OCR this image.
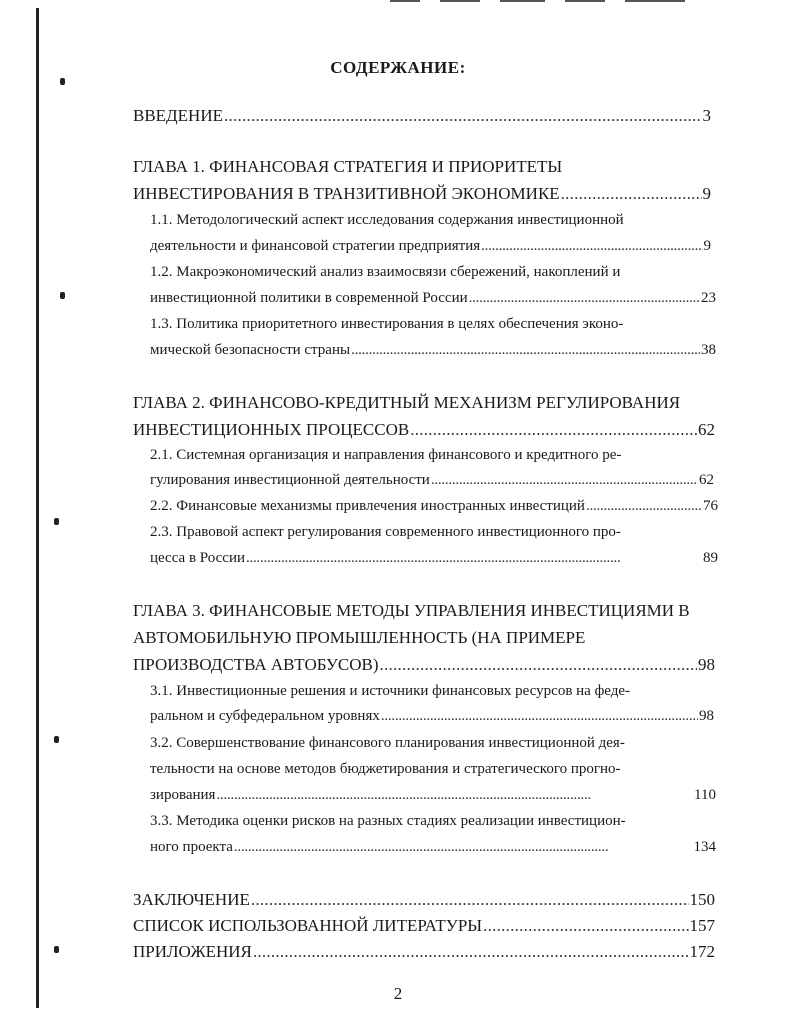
СОДЕРЖАНИЕ:
ВВЕДЕНИЕ . . .	3
ГЛАВА 1. ФИНАНСОВАЯ СТРАТЕГИЯ И ПРИОРИТЕТЫ
ИНВЕСТИРОВАНИЯ В ТРАНЗИТИВНОЙ ЭКОНОМИКЕ . . .	9
1.1. Методологический аспект исследования содержания инвестиционной
деятельности и финансовой стратегии предприятия . . .	9
1.2. Макроэкономический анализ взаимосвязи сбережений, накоплений и
инвестиционной политики в современной России . . .	23
1.3. Политика приоритетного инвестирования в целях обеспечения эконо-
мической безопасности страны . . .	38
ГЛАВА 2. ФИНАНСОВО-КРЕДИТНЫЙ МЕХАНИЗМ РЕГУЛИРОВАНИЯ
ИНВЕСТИЦИОННЫХ ПРОЦЕССОВ . . .	62
2.1. Системная организация и направления финансового и кредитного ре-
гулирования инвестиционной деятельности . . .	62
2.2. Финансовые механизмы привлечения иностранных инвестиций . . .	76
2.3. Правовой аспект регулирования современного инвестиционного про-
цесса в России . . .	89
ГЛАВА 3. ФИНАНСОВЫЕ МЕТОДЫ УПРАВЛЕНИЯ ИНВЕСТИЦИЯМИ В
АВТОМОБИЛЬНУЮ ПРОМЫШЛЕННОСТЬ (НА ПРИМЕРЕ
ПРОИЗВОДСТВА АВТОБУСОВ) . . .	98
3.1. Инвестиционные решения и источники финансовых ресурсов на феде-
ральном и субфедеральном уровнях . . .	98
3.2. Совершенствование финансового планирования инвестиционной дея-
тельности на основе методов бюджетирования и стратегического прогно-
зирования . . .	110
3.3. Методика оценки рисков на разных стадиях реализации инвестицион-
ного проекта . . .	134
ЗАКЛЮЧЕНИЕ . . .	150
СПИСОК ИСПОЛЬЗОВАННОЙ ЛИТЕРАТУРЫ . . .	157
ПРИЛОЖЕНИЯ . . .	172
2
